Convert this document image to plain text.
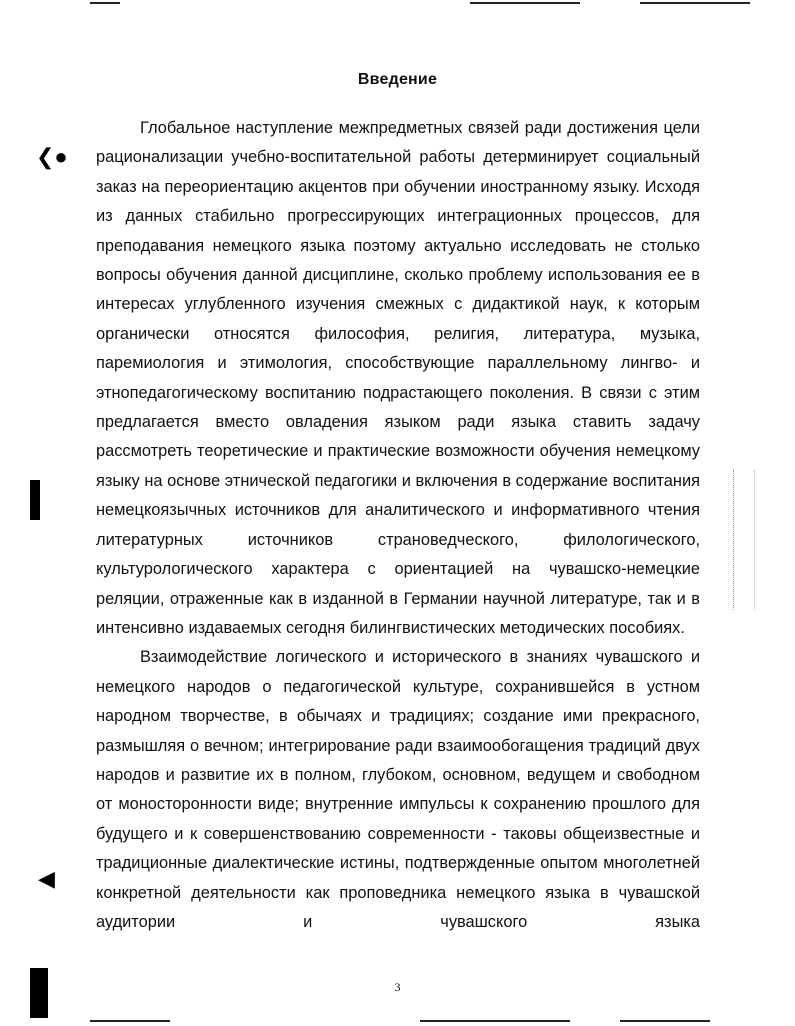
❮●
◀
Введение

Глобальное наступление межпредметных связей ради достижения цели рационализации учебно-воспитательной работы детерминирует социальный заказ на переориентацию акцентов при обучении иностранному языку. Исходя из данных стабильно прогрессирующих интеграционных процессов, для преподавания немецкого языка поэтому актуально исследовать не столько вопросы обучения данной дисциплине, сколько проблему использования ее в интересах углубленного изучения смежных с дидактикой наук, к которым органически относятся философия, религия, литература, музыка, паремиология и этимология, способствующие параллельному лингво- и этнопедагогическому воспитанию подрастающего поколения. В связи с этим предлагается вместо овладения языком ради языка ставить задачу рассмотреть теоретические и практические возможности обучения немецкому языку на основе этнической педагогики и включения в содержание воспитания немецкоязычных источников для аналитического и информативного чтения литературных источников страноведческого, филологического, культурологического характера с ориентацией на чувашско-немецкие реляции, отраженные как в изданной в Германии научной литературе, так и в интенсивно издаваемых сегодня билингвистических методических пособиях.

Взаимодействие логического и исторического в знаниях чувашского и немецкого народов о педагогической культуре, сохранившейся в устном народном творчестве, в обычаях и традициях; создание ими прекрасного, размышляя о вечном; интегрирование ради взаимообогащения традиций двух народов и развитие их в полном, глубоком, основном, ведущем и свободном от моносторонности виде; внутренние импульсы к сохранению прошлого для будущего и к совершенствованию современности - таковы общеизвестные и традиционные диалектические истины, подтвержденные опытом многолетней конкретной деятельности как проповедника немецкого языка в чувашской аудитории и чувашского языка

3
